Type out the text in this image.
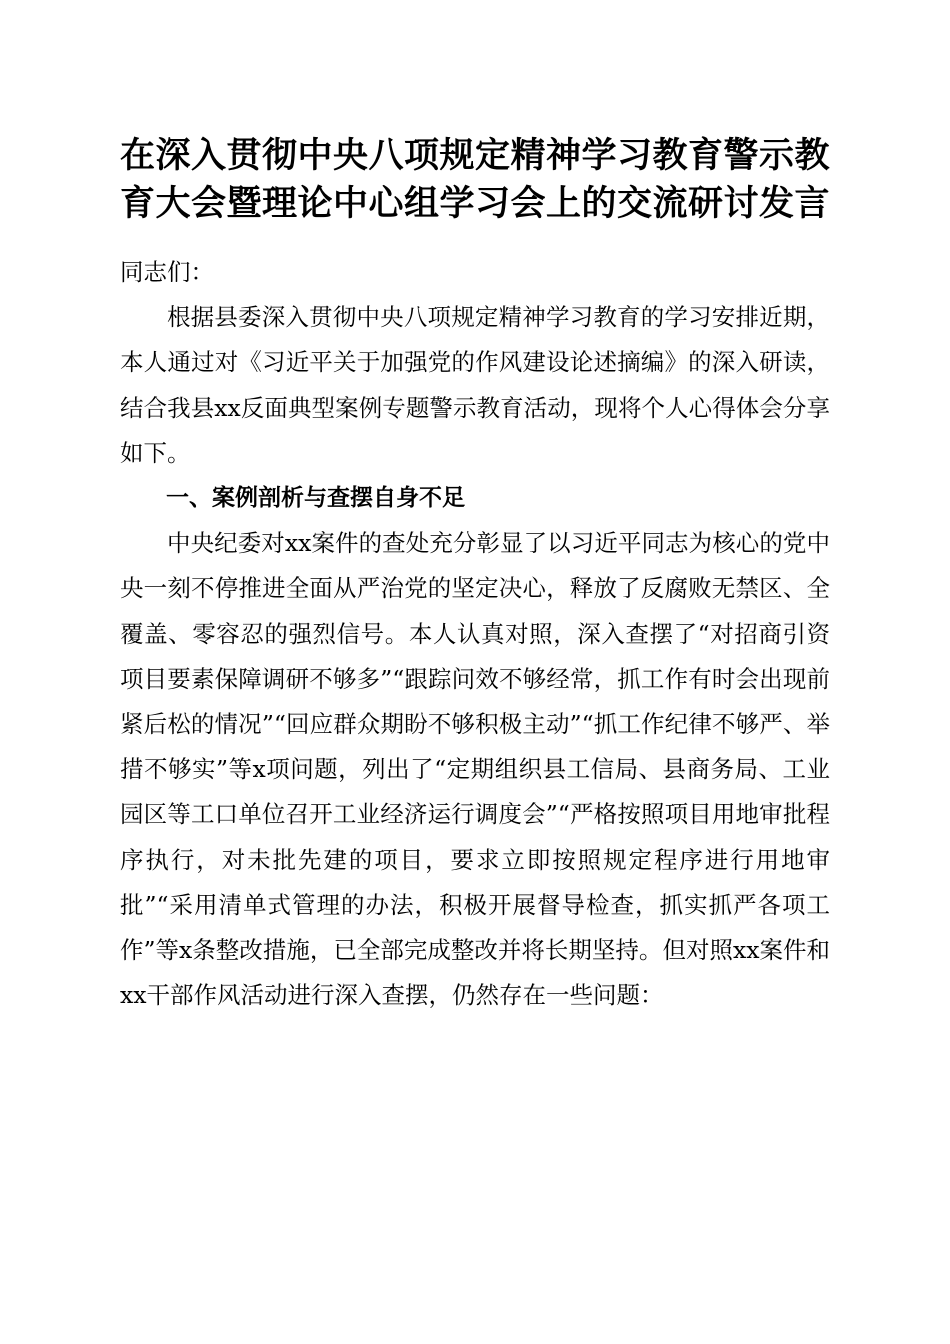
在深入贯彻中央八项规定精神学习教育警示教
育大会暨理论中心组学习会上的交流研讨发言

同志们：

根据县委深入贯彻中央八项规定精神学习教育的学习安排近期，本人通过对《习近平关于加强党的作风建设论述摘编》的深入研读，结合我县xx反面典型案例专题警示教育活动，现将个人心得体会分享如下。

一、案例剖析与查摆自身不足

中央纪委对xx案件的查处充分彰显了以习近平同志为核心的党中央一刻不停推进全面从严治党的坚定决心，释放了反腐败无禁区、全覆盖、零容忍的强烈信号。本人认真对照，深入查摆了“对招商引资项目要素保障调研不够多”“跟踪问效不够经常，抓工作有时会出现前紧后松的情况”“回应群众期盼不够积极主动”“抓工作纪律不够严、举措不够实”等x项问题，列出了“定期组织县工信局、县商务局、工业园区等工口单位召开工业经济运行调度会”“严格按照项目用地审批程序执行，对未批先建的项目，要求立即按照规定程序进行用地审批”“采用清单式管理的办法，积极开展督导检查，抓实抓严各项工作”等x条整改措施，已全部完成整改并将长期坚持。但对照xx案件和xx干部作风活动进行深入查摆，仍然存在一些问题：
